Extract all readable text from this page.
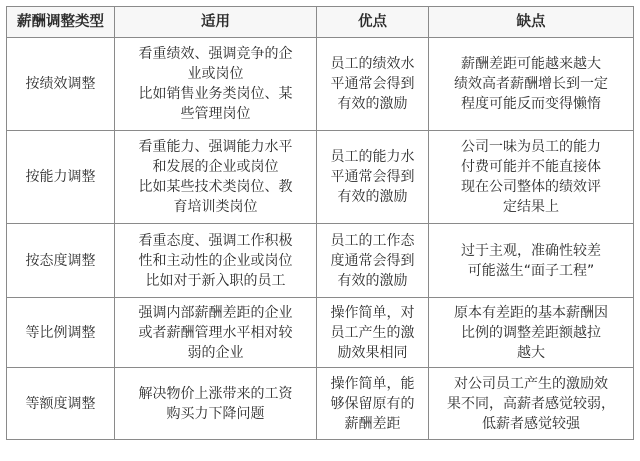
薪酬调整类型	适用	优点	缺点
按绩效调整	看重绩效、强调竞争的企
业或岗位
比如销售业务类岗位、某
些管理岗位	员工的绩效水
平通常会得到
有效的激励	薪酬差距可能越来越大
绩效高者薪酬增长到一定
程度可能反而变得懒惰

按能力调整	看重能力、强调能力水平
和发展的企业或岗位
比如某些技术类岗位、教
育培训类岗位	员工的能力水
平通常会得到
有效的激励	公司一味为员工的能力
付费可能并不能直接体
现在公司整体的绩效评
定结果上

按态度调整	看重态度、强调工作积极
性和主动性的企业或岗位
比如对于新入职的员工	员工的工作态
度通常会得到
有效的激励	过于主观，准确性较差
可能滋生“面子工程”

等比例调整	强调内部薪酬差距的企业
或者薪酬管理水平相对较
弱的企业	操作简单，对
员工产生的激
励效果相同	原本有差距的基本薪酬因
比例的调整差距额越拉
越大

等额度调整	解决物价上涨带来的工资
购买力下降问题	操作简单，能
够保留原有的
薪酬差距	对公司员工产生的激励效
果不同，高薪者感觉较弱，
低薪者感觉较强
